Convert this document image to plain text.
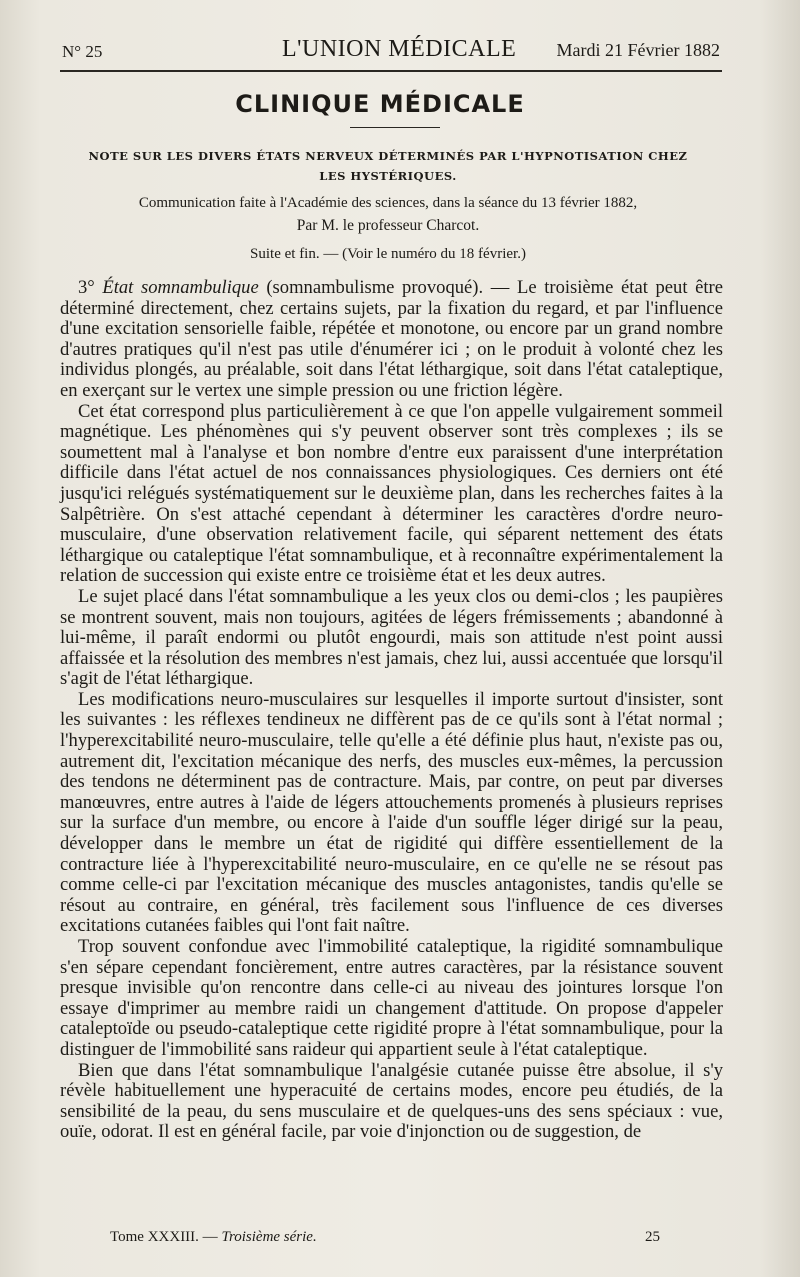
N° 25	L'UNION MÉDICALE Mardi 21 Février 1882
CLINIQUE MÉDICALE
NOTE SUR LES DIVERS ÉTATS NERVEUX DÉTERMINÉS PAR L'HYPNOTISATION CHEZ LES HYSTÉRIQUES.
Communication faite à l'Académie des sciences, dans la séance du 13 février 1882,
Par M. le professeur Charcot.
Suite et fin. — (Voir le numéro du 18 février.)

3° État somnambulique (somnambulisme provoqué). — Le troisième état peut être déterminé directement, chez certains sujets, par la fixation du regard, et par l'influence d'une excitation sensorielle faible, répétée et monotone, ou encore par un grand nombre d'autres pratiques qu'il n'est pas utile d'énumérer ici ; on le produit à volonté chez les individus plongés, au préalable, soit dans l'état léthargique, soit dans l'état cataleptique, en exerçant sur le vertex une simple pression ou une friction légère.

Cet état correspond plus particulièrement à ce que l'on appelle vulgairement sommeil magnétique. Les phénomènes qui s'y peuvent observer sont très complexes ; ils se soumettent mal à l'analyse et bon nombre d'entre eux paraissent d'une interprétation difficile dans l'état actuel de nos connaissances physiologiques. Ces derniers ont été jusqu'ici relégués systématiquement sur le deuxième plan, dans les recherches faites à la Salpêtrière. On s'est attaché cependant à déterminer les caractères d'ordre neuro-musculaire, d'une observation relativement facile, qui séparent nettement des états léthargique ou cataleptique l'état somnambulique, et à reconnaître expérimentalement la relation de succession qui existe entre ce troisième état et les deux autres.

Le sujet placé dans l'état somnambulique a les yeux clos ou demi-clos ; les paupières se montrent souvent, mais non toujours, agitées de légers frémissements ; abandonné à lui-même, il paraît endormi ou plutôt engourdi, mais son attitude n'est point aussi affaissée et la résolution des membres n'est jamais, chez lui, aussi accentuée que lorsqu'il s'agit de l'état léthargique.

Les modifications neuro-musculaires sur lesquelles il importe surtout d'insister, sont les suivantes : les réflexes tendineux ne diffèrent pas de ce qu'ils sont à l'état normal ; l'hyperexcitabilité neuro-musculaire, telle qu'elle a été définie plus haut, n'existe pas ou, autrement dit, l'excitation mécanique des nerfs, des muscles eux-mêmes, la percussion des tendons ne déterminent pas de contracture. Mais, par contre, on peut par diverses manœuvres, entre autres à l'aide de légers attouchements promenés à plusieurs reprises sur la surface d'un membre, ou encore à l'aide d'un souffle léger dirigé sur la peau, développer dans le membre un état de rigidité qui diffère essentiellement de la contracture liée à l'hyperexcitabilité neuro-musculaire, en ce qu'elle ne se résout pas comme celle-ci par l'excitation mécanique des muscles antagonistes, tandis qu'elle se résout au contraire, en général, très facilement sous l'influence de ces diverses excitations cutanées faibles qui l'ont fait naître.

Trop souvent confondue avec l'immobilité cataleptique, la rigidité somnambulique s'en sépare cependant foncièrement, entre autres caractères, par la résistance souvent presque invisible qu'on rencontre dans celle-ci au niveau des jointures lorsque l'on essaye d'imprimer au membre raidi un changement d'attitude. On propose d'appeler cataleptoïde ou pseudo-cataleptique cette rigidité propre à l'état somnambulique, pour la distinguer de l'immobilité sans raideur qui appartient seule à l'état cataleptique.

Bien que dans l'état somnambulique l'analgésie cutanée puisse être absolue, il s'y révèle habituellement une hyperacuité de certains modes, encore peu étudiés, de la sensibilité de la peau, du sens musculaire et de quelques-uns des sens spéciaux : vue, ouïe, odorat. Il est en général facile, par voie d'injonction ou de suggestion, de

Tome XXXIII. — Troisième série.	25
